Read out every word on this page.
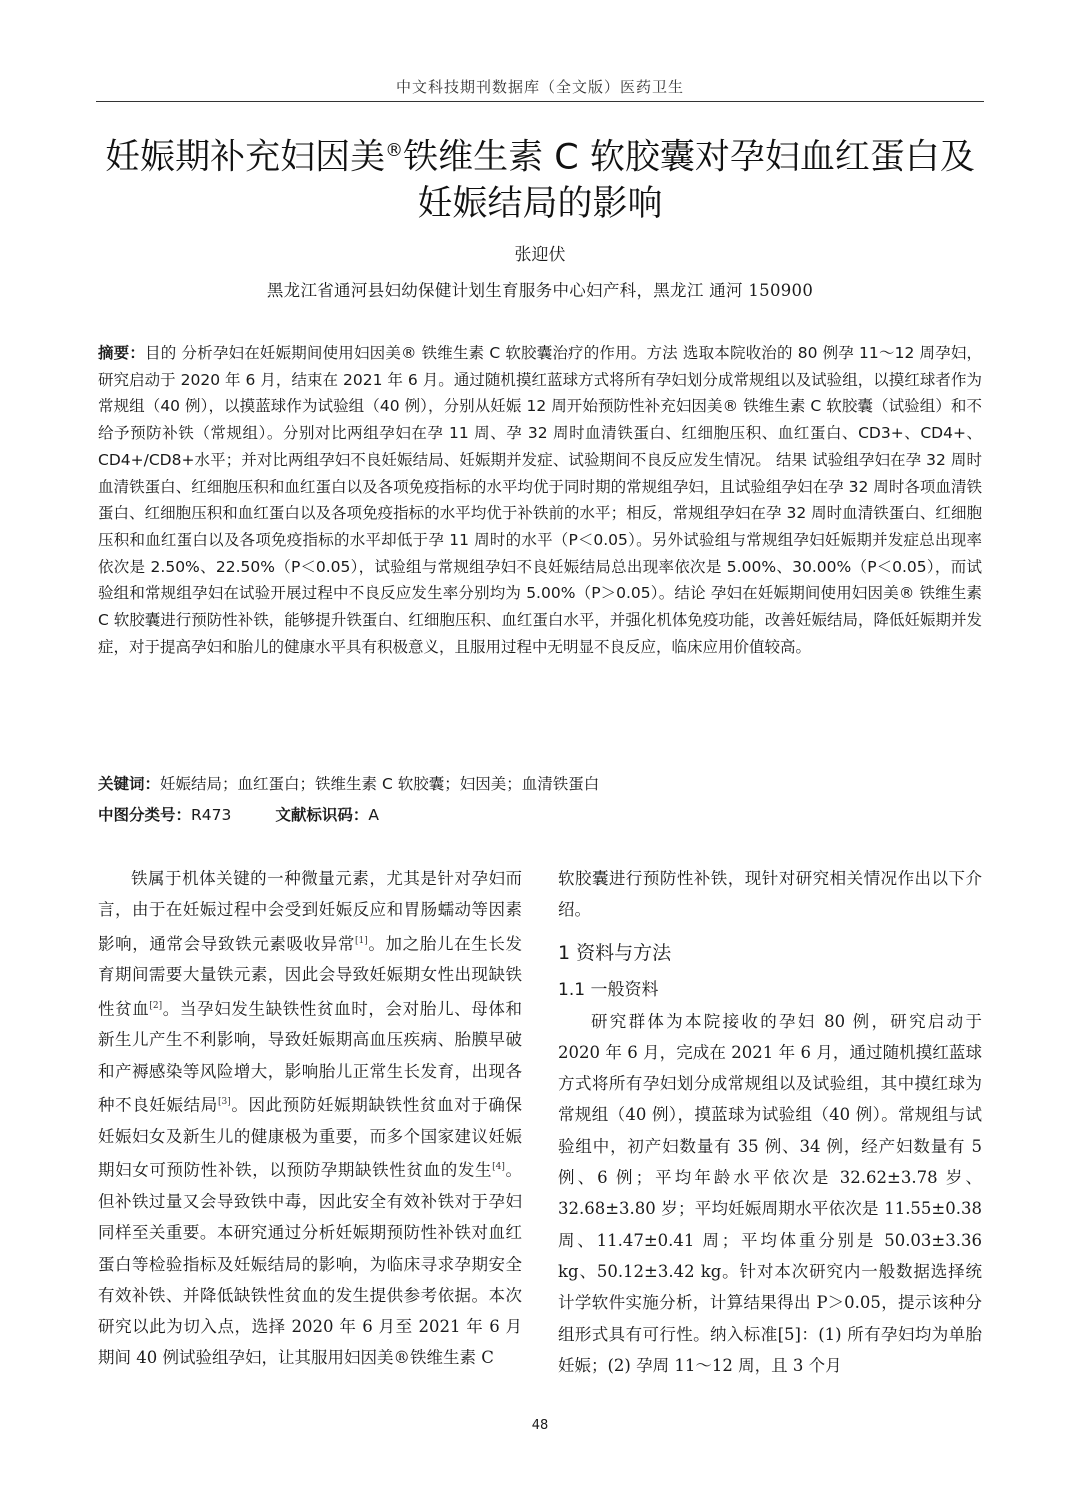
中文科技期刊数据库（全文版）医药卫生
妊娠期补充妇因美®铁维生素 C 软胶囊对孕妇血红蛋白及
妊娠结局的影响
张迎伏
黑龙江省通河县妇幼保健计划生育服务中心妇产科，黑龙江 通河 150900
摘要：目的 分析孕妇在妊娠期间使用妇因美® 铁维生素 C 软胶囊治疗的作用。方法 选取本院收治的 80 例孕 11～12 周孕妇，研究启动于 2020 年 6 月，结束在 2021 年 6 月。通过随机摸红蓝球方式将所有孕妇划分成常规组以及试验组，以摸红球者作为常规组（40 例），以摸蓝球作为试验组（40 例），分别从妊娠 12 周开始预防性补充妇因美® 铁维生素 C 软胶囊（试验组）和不给予预防补铁（常规组）。分别对比两组孕妇在孕 11 周、孕 32 周时血清铁蛋白、红细胞压积、血红蛋白、CD3+、CD4+、CD4+/CD8+水平；并对比两组孕妇不良妊娠结局、妊娠期并发症、试验期间不良反应发生情况。 结果 试验组孕妇在孕 32 周时血清铁蛋白、红细胞压积和血红蛋白以及各项免疫指标的水平均优于同时期的常规组孕妇，且试验组孕妇在孕 32 周时各项血清铁蛋白、红细胞压积和血红蛋白以及各项免疫指标的水平均优于补铁前的水平；相反，常规组孕妇在孕 32 周时血清铁蛋白、红细胞压积和血红蛋白以及各项免疫指标的水平却低于孕 11 周时的水平（P＜0.05）。另外试验组与常规组孕妇妊娠期并发症总出现率依次是 2.50%、22.50%（P＜0.05），试验组与常规组孕妇不良妊娠结局总出现率依次是 5.00%、30.00%（P＜0.05），而试验组和常规组孕妇在试验开展过程中不良反应发生率分别均为 5.00%（P＞0.05）。结论 孕妇在妊娠期间使用妇因美® 铁维生素 C 软胶囊进行预防性补铁，能够提升铁蛋白、红细胞压积、血红蛋白水平，并强化机体免疫功能，改善妊娠结局，降低妊娠期并发症，对于提高孕妇和胎儿的健康水平具有积极意义，且服用过程中无明显不良反应，临床应用价值较高。
关键词：妊娠结局；血红蛋白；铁维生素 C 软胶囊；妇因美；血清铁蛋白
中图分类号：R473	文献标识码：A

铁属于机体关键的一种微量元素，尤其是针对孕妇而言，由于在妊娠过程中会受到妊娠反应和胃肠蠕动等因素影响，通常会导致铁元素吸收异常[1]。加之胎儿在生长发育期间需要大量铁元素，因此会导致妊娠期女性出现缺铁性贫血[2]。当孕妇发生缺铁性贫血时，会对胎儿、母体和新生儿产生不利影响，导致妊娠期高血压疾病、胎膜早破和产褥感染等风险增大，影响胎儿正常生长发育，出现各种不良妊娠结局[3]。因此预防妊娠期缺铁性贫血对于确保妊娠妇女及新生儿的健康极为重要，而多个国家建议妊娠期妇女可预防性补铁，以预防孕期缺铁性贫血的发生[4]。但补铁过量又会导致铁中毒，因此安全有效补铁对于孕妇同样至关重要。本研究通过分析妊娠期预防性补铁对血红蛋白等检验指标及妊娠结局的影响，为临床寻求孕期安全有效补铁、并降低缺铁性贫血的发生提供参考依据。本次研究以此为切入点，选择 2020 年 6 月至 2021 年 6 月期间 40 例试验组孕妇，让其服用妇因美®铁维生素 C

软胶囊进行预防性补铁，现针对研究相关情况作出以下介绍。

1 资料与方法
1.1 一般资料

研究群体为本院接收的孕妇 80 例，研究启动于 2020 年 6 月，完成在 2021 年 6 月，通过随机摸红蓝球方式将所有孕妇划分成常规组以及试验组，其中摸红球为常规组（40 例），摸蓝球为试验组（40 例）。常规组与试验组中，初产妇数量有 35 例、34 例，经产妇数量有 5 例、6 例；平均年龄水平依次是 32.62±3.78 岁、32.68±3.80 岁；平均妊娠周期水平依次是 11.55±0.38 周、11.47±0.41 周；平均体重分别是 50.03±3.36 kg、50.12±3.42 kg。针对本次研究内一般数据选择统计学软件实施分析，计算结果得出 P＞0.05，提示该种分组形式具有可行性。纳入标准[5]：(1) 所有孕妇均为单胎妊娠；(2) 孕周 11～12 周，且 3 个月

48
